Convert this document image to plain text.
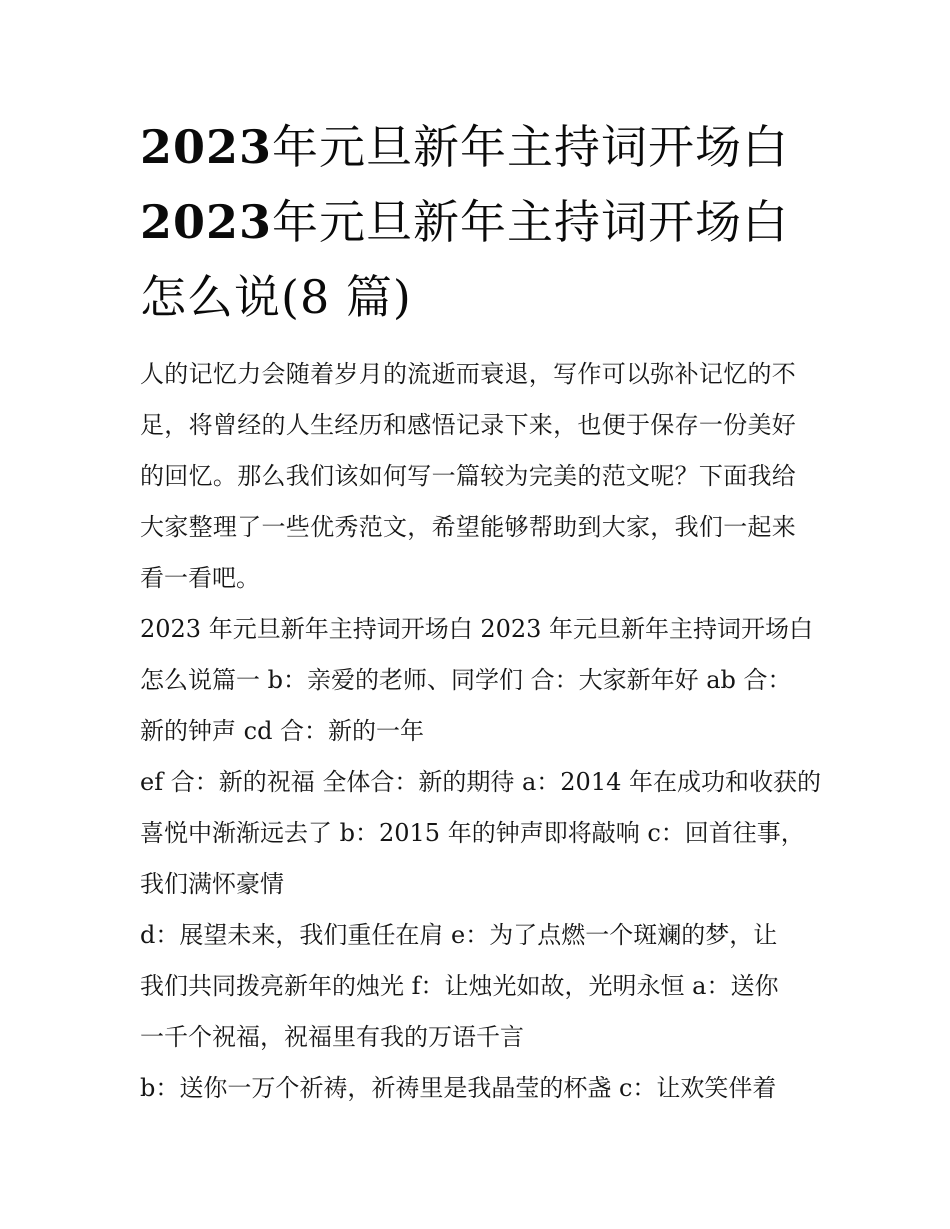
2023年元旦新年主持词开场白
2023年元旦新年主持词开场白
怎么说(8 篇)
人的记忆力会随着岁月的流逝而衰退，写作可以弥补记忆的不
足，将曾经的人生经历和感悟记录下来，也便于保存一份美好
的回忆。那么我们该如何写一篇较为完美的范文呢？下面我给
大家整理了一些优秀范文，希望能够帮助到大家，我们一起来
看一看吧。
2023 年元旦新年主持词开场白 2023 年元旦新年主持词开场白
怎么说篇一 b：亲爱的老师、同学们 合：大家新年好 ab 合：
新的钟声 cd 合：新的一年
ef 合：新的祝福 全体合：新的期待 a：2014 年在成功和收获的
喜悦中渐渐远去了 b：2015 年的钟声即将敲响 c：回首往事，
我们满怀豪情
d：展望未来，我们重任在肩 e：为了点燃一个斑斓的梦，让
我们共同拨亮新年的烛光 f：让烛光如故，光明永恒 a：送你
一千个祝福，祝福里有我的万语千言
b：送你一万个祈祷，祈祷里是我晶莹的杯盏 c：让欢笑伴着
